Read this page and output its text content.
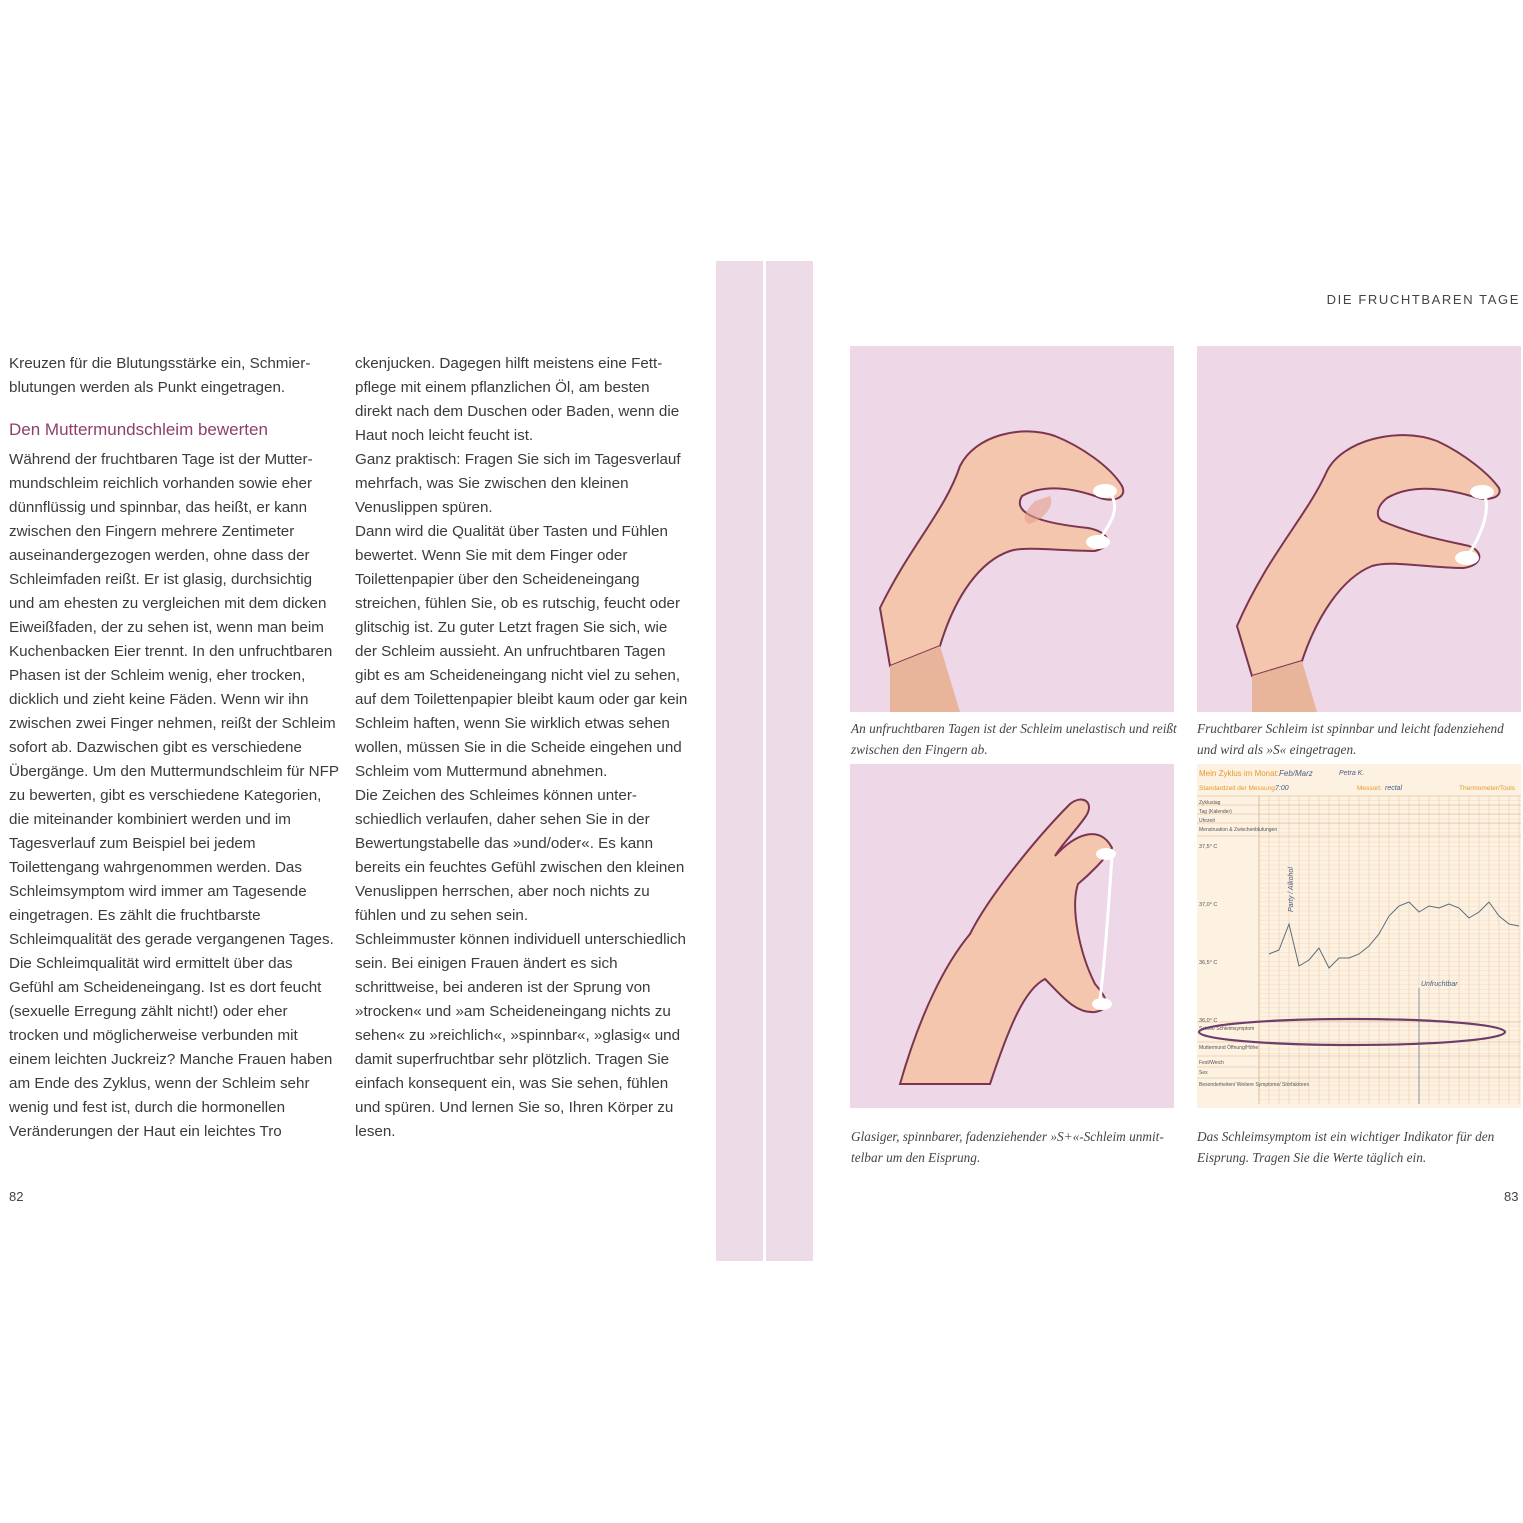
Kreuzen für die Blutungsstärke ein, Schmierblutungen werden als Punkt eingetragen.

Den Muttermundschleim bewerten

Während der fruchtbaren Tage ist der Muttermundschleim reichlich vorhanden sowie eher dünnflüssig und spinnbar, das heißt, er kann zwischen den Fingern mehrere Zentimeter auseinandergezogen werden, ohne dass der Schleimfaden reißt. Er ist glasig, durchsichtig und am ehesten zu vergleichen mit dem dicken Eiweißfaden, der zu sehen ist, wenn man beim Kuchenbacken Eier trennt. In den unfruchtbaren Phasen ist der Schleim wenig, eher trocken, dicklich und zieht keine Fäden. Wenn wir ihn zwischen zwei Finger nehmen, reißt der Schleim sofort ab. Dazwischen gibt es verschiedene Übergänge. Um den Muttermundschleim für NFP zu bewerten, gibt es verschiedene Kategorien, die miteinander kombiniert werden und im Tagesverlauf zum Beispiel bei jedem Toilettengang wahrgenommen werden. Das Schleimsymptom wird immer am Tagesende eingetragen. Es zählt die fruchtbarste Schleimqualität des gerade vergangenen Tages.

Die Schleimqualität wird ermittelt über das Gefühl am Scheideneingang. Ist es dort feucht (sexuelle Erregung zählt nicht!) oder eher trocken und möglicherweise verbunden mit einem leichten Juckreiz? Manche Frauen haben am Ende des Zyklus, wenn der Schleim sehr wenig und fest ist, durch die hormonellen Veränderungen der Haut ein leichtes Tro

ckenjucken. Dagegen hilft meistens eine Fettpflege mit einem pflanzlichen Öl, am besten direkt nach dem Duschen oder Baden, wenn die Haut noch leicht feucht ist.

Ganz praktisch: Fragen Sie sich im Tagesverlauf mehrfach, was Sie zwischen den kleinen Venuslippen spüren.

Dann wird die Qualität über Tasten und Fühlen bewertet. Wenn Sie mit dem Finger oder Toilettenpapier über den Scheideneingang streichen, fühlen Sie, ob es rutschig, feucht oder glitschig ist. Zu guter Letzt fragen Sie sich, wie der Schleim aussieht. An unfruchtbaren Tagen gibt es am Scheideneingang nicht viel zu sehen, auf dem Toilettenpapier bleibt kaum oder gar kein Schleim haften, wenn Sie wirklich etwas sehen wollen, müssen Sie in die Scheide eingehen und Schleim vom Muttermund abnehmen.

Die Zeichen des Schleimes können unterschiedlich verlaufen, daher sehen Sie in der Bewertungstabelle das »und/oder«. Es kann bereits ein feuchtes Gefühl zwischen den kleinen Venuslippen herrschen, aber noch nichts zu fühlen und zu sehen sein.

Schleimmuster können individuell unterschiedlich sein. Bei einigen Frauen ändert es sich schrittweise, bei anderen ist der Sprung von »trocken« und »am Scheideneingang nichts zu sehen« zu »reichlich«, »spinnbar«, »glasig« und damit superfruchtbar sehr plötzlich. Tragen Sie einfach konsequent ein, was Sie sehen, fühlen und spüren. Und lernen Sie so, Ihren Körper zu lesen.

82
DIE FRUCHTBAREN TAGE
An unfruchtbaren Tagen ist der Schleim unelastisch und reißt zwischen den Fingern ab.
Fruchtbarer Schleim ist spinnbar und leicht fadenziehend und wird als »S« eingetragen.
Glasiger, spinnbarer, fadenziehender »S+«-Schleim unmittelbar um den Eisprung.
Mein Zyklus im Monat: Feb/Marz	Petra K.
Standardzeit der Messung:
7:00	Messort: rectal	Thermometer/Tools
Zyklustag
Tag (Kalender)
Uhrzeit
Menstruation & Zwischenblutungen
37,5° C
37,0° C
36,5° C
36,0° C
Party / Alkohol
Unfruchtbar
Sekret/ Schleimsymptom
Muttermund Öffnung/Höhe
Fest/Weich
Sex
Besonderheiten/ Weitere Symptome/ Störfaktoren
Das Schleimsymptom ist ein wichtiger Indikator für den Eisprung. Tragen Sie die Werte täglich ein.
83
